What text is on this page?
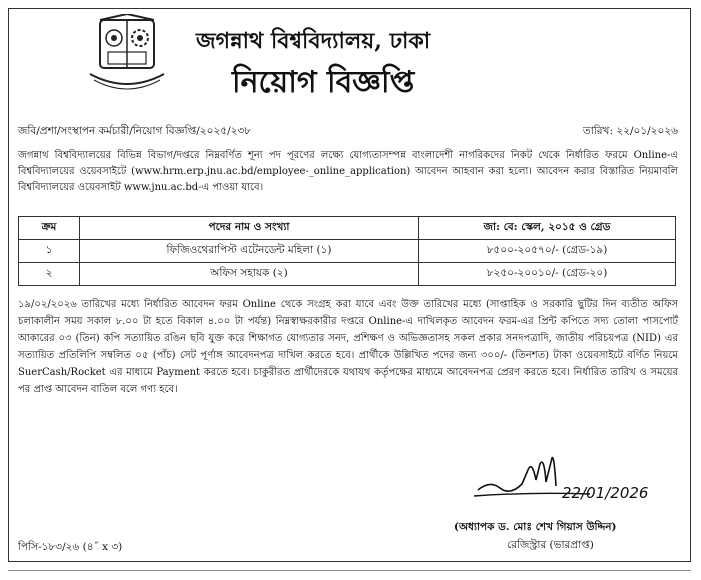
জগন্নাথ বিশ্ববিদ্যালয়, ঢাকা
নিয়োগ বিজ্ঞপ্তি
জবি/প্রশা/সংস্থাপন কর্মচারী/নিয়োগ বিজ্ঞপ্তি/২০২৫/২৩৮	তারিখ: ২২/০১/২০২৬
জগন্নাথ বিশ্ববিদ্যালয়ের বিভিন্ন বিভাগ/দপ্তরে নিম্নবর্ণিত শূন্য পদ পূরণের লক্ষ্যে যোগ্যতাসম্পন্ন বাংলাদেশী নাগরিকদের নিকট থেকে নির্ধারিত ফরমে Online-এ বিশ্ববিদ্যালয়ের ওয়েবসাইটে (www.hrm.erp.jnu.ac.bd/employee-_online_application) আবেদন আহবান করা হলো। আবেদন করার বিস্তারিত নিয়মাবলি বিশ্ববিদ্যালয়ের ওয়েবসাইট www.jnu.ac.bd-এ পাওয়া যাবে।
ক্রম	পদের নাম ও সংখ্যা	জা: বে: স্কেল, ২০১৫ ও গ্রেড
১	ফিজিওথেরাপিস্ট এটেনডেন্ট মহিলা (১)	৮৫০০-২০৫৭০/- (গ্রেড-১৯)
২	অফিস সহায়ক (২)	৮২৫০-২০০১০/- (গ্রেড-২০)
১৯/০২/২০২৬ তারিখের মধ্যে নির্ধারিত আবেদন ফরম Online থেকে সংগ্রহ করা যাবে এবং উক্ত তারিখের মধ্যে (সাপ্তাহিক ও সরকারি ছুটির দিন ব্যতীত অফিস চলাকালীন সময় সকাল ৮.০০ টা হতে বিকাল ৪.০০ টা পর্যন্ত) নিম্নস্বাক্ষরকারীর দপ্তরে Online-এ দাখিলকৃত আবেদন ফরম-এর প্রিন্ট কপিতে সদ্য তোলা পাসপোর্ট আকারের ০৩ (তিন) কপি সত্যায়িত রঙিন ছবি যুক্ত করে শিক্ষাগত যোগ্যতার সনদ, প্রশিক্ষণ ও অভিজ্ঞতাসহ সকল প্রকার সনদপত্রাদি, জাতীয় পরিচয়পত্র (NID) এর সত্যায়িত প্রতিলিপি সম্বলিত ০৫ (পাঁচ) সেট পূর্ণাঙ্গ আবেদনপত্র দাখিল করতে হবে। প্রার্থীকে উল্লিখিত পদের জন্য ৩০০/- (তিনশত) টাকা ওয়েবসাইটে বর্ণিত নিয়মে SuerCash/Rocket এর মাধ্যমে Payment করতে হবে। চাকুরীরত প্রার্থীদেরকে যথাযথ কর্তৃপক্ষের মাধ্যমে আবেদনপত্র প্রেরণ করতে হবে। নির্ধারিত তারিখ ও সময়ের পর প্রাপ্ত আবেদন বাতিল বলে গণ্য হবে।
22/01/2026
(অধ্যাপক ড. মোঃ শেখ গিয়াস উদ্দিন)
রেজিস্ট্রার (ভারপ্রাপ্ত)
পিসি-১৮৩/২৬ (৪˝ x ৩)
